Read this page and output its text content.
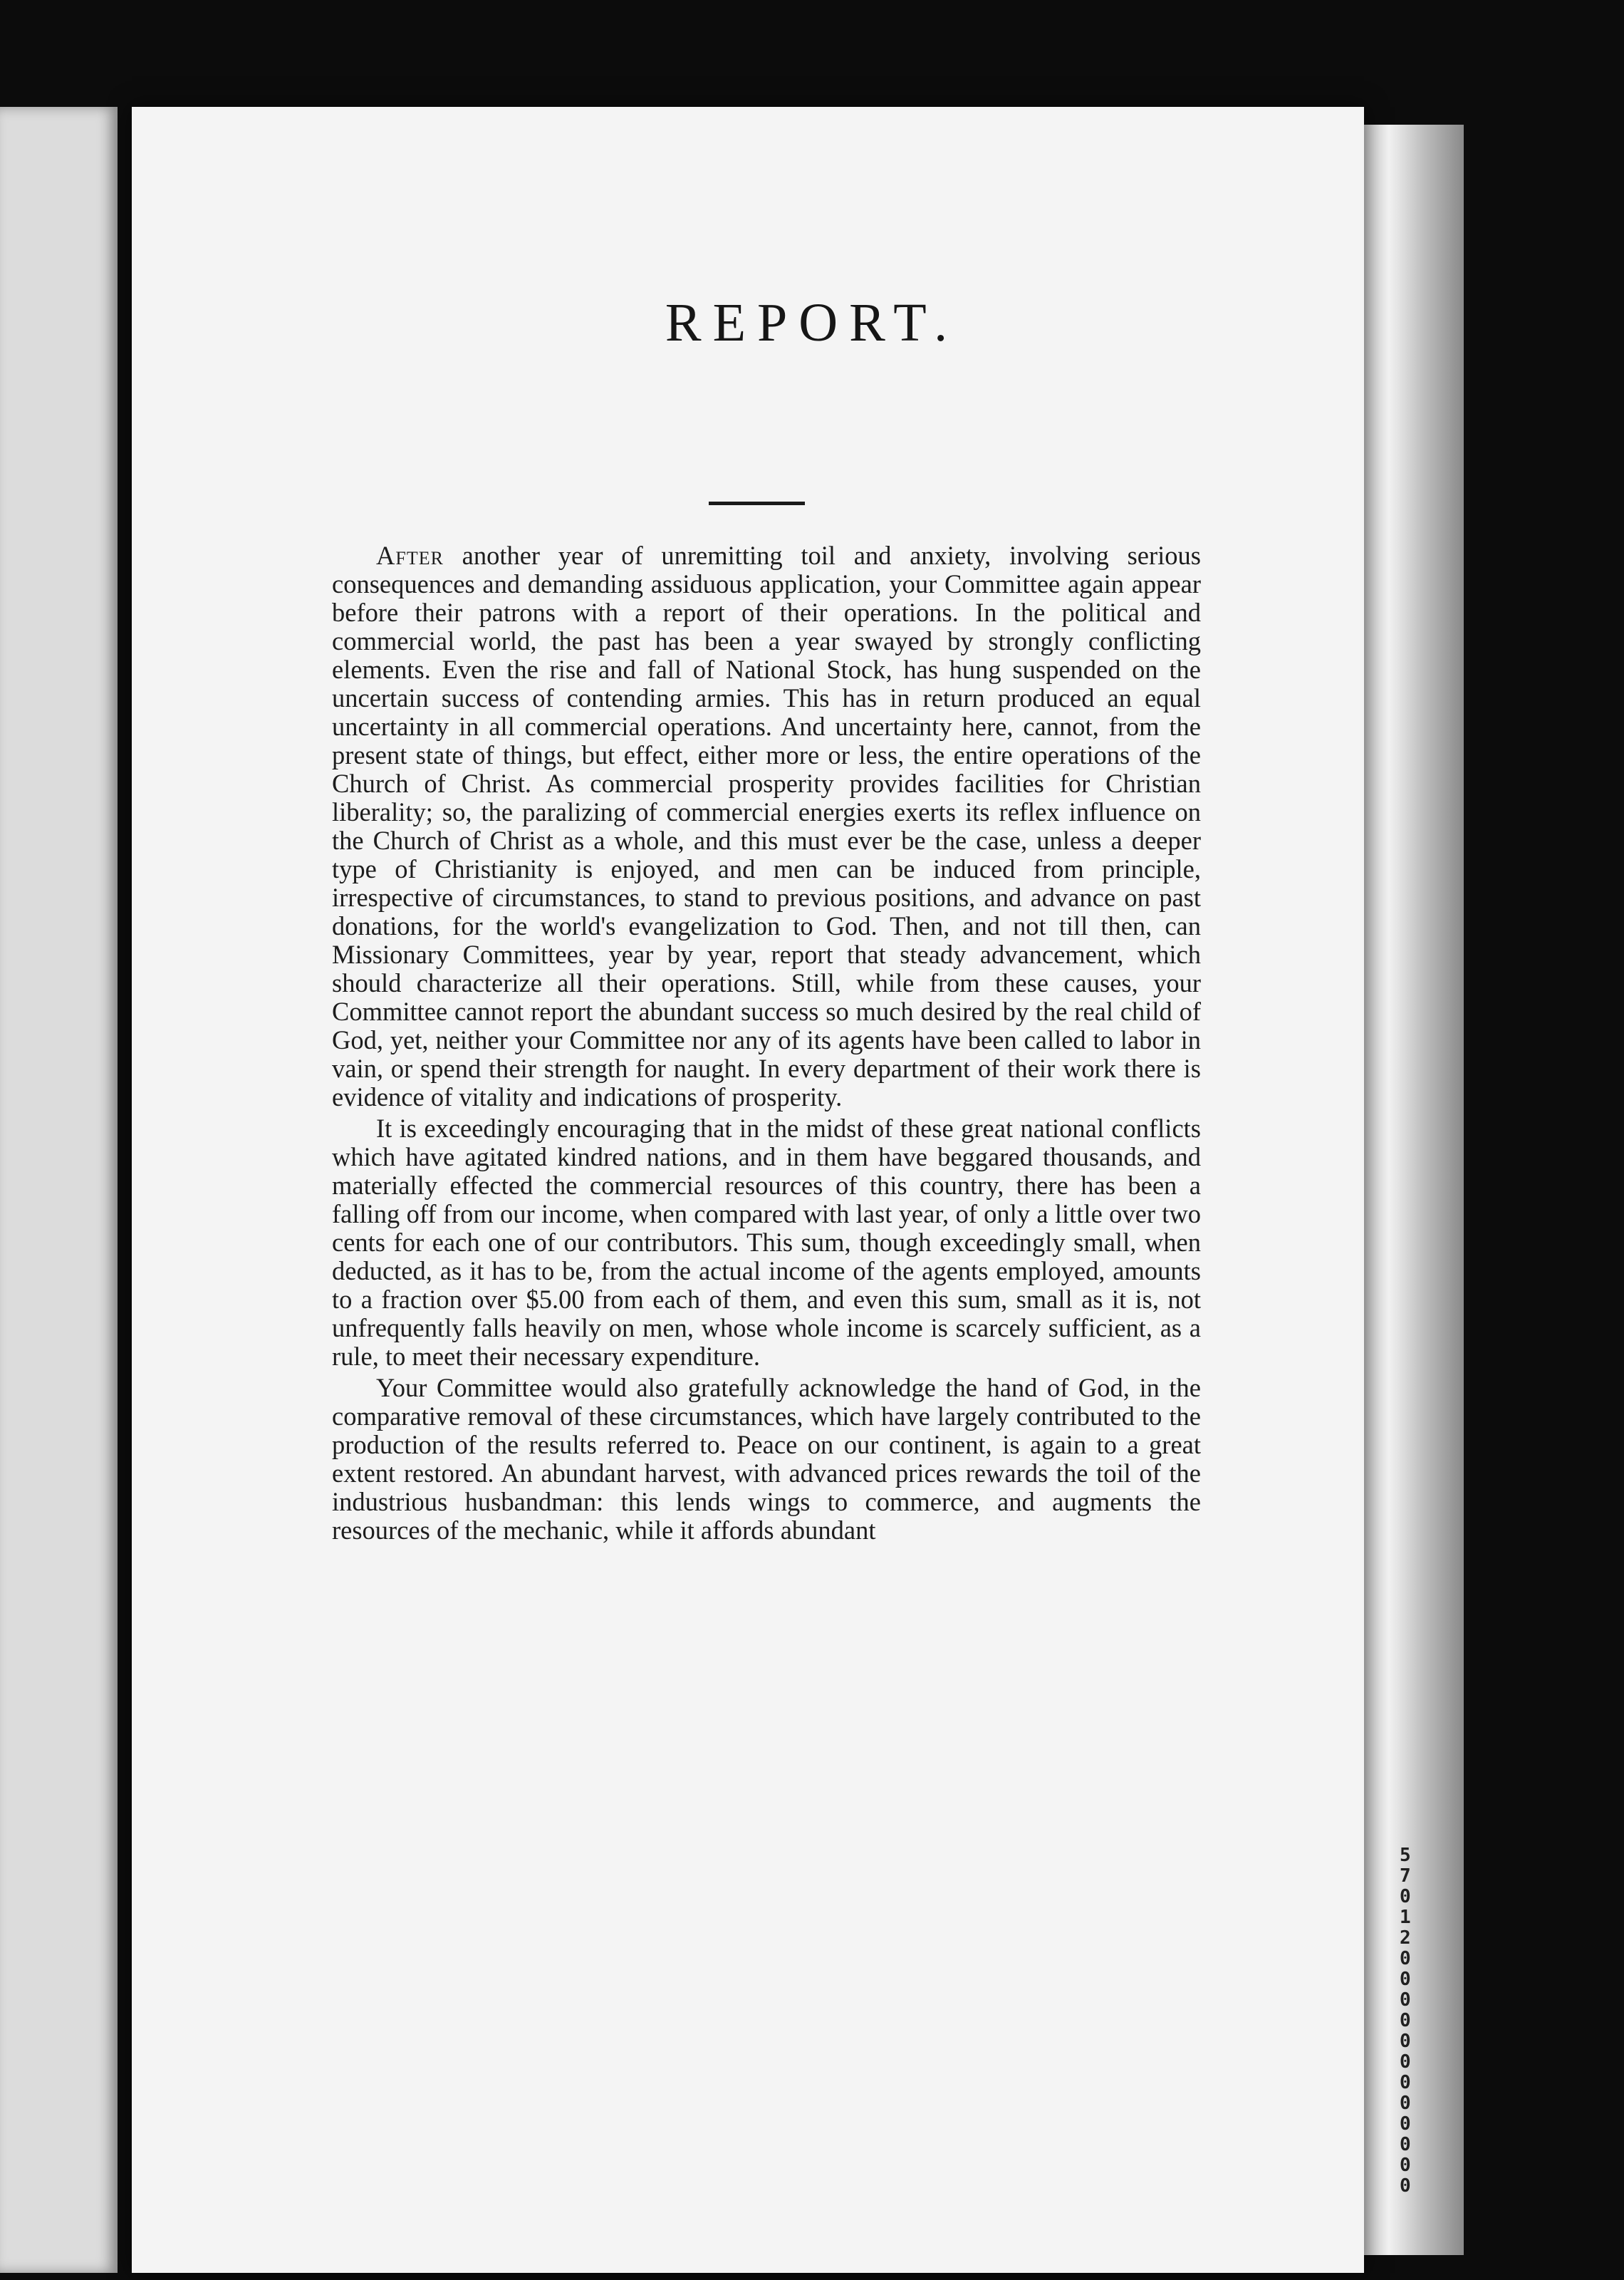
57012000000000000
REPORT.

After another year of unremitting toil and anxiety, involving serious consequences and demanding assiduous application, your Committee again appear before their patrons with a report of their operations. In the political and commercial world, the past has been a year swayed by strongly conflicting elements. Even the rise and fall of National Stock, has hung suspended on the uncertain success of contending armies. This has in return produced an equal uncertainty in all commercial operations. And uncertainty here, cannot, from the present state of things, but effect, either more or less, the entire operations of the Church of Christ. As commercial prosperity provides facilities for Christian liberality; so, the paralizing of commercial energies exerts its reflex influence on the Church of Christ as a whole, and this must ever be the case, unless a deeper type of Christianity is enjoyed, and men can be induced from principle, irrespective of circumstances, to stand to previous positions, and advance on past donations, for the world's evangelization to God. Then, and not till then, can Missionary Committees, year by year, report that steady advancement, which should characterize all their operations. Still, while from these causes, your Committee cannot report the abundant success so much desired by the real child of God, yet, neither your Committee nor any of its agents have been called to labor in vain, or spend their strength for naught. In every department of their work there is evidence of vitality and indications of prosperity.

It is exceedingly encouraging that in the midst of these great national conflicts which have agitated kindred nations, and in them have beggared thousands, and materially effected the commercial resources of this country, there has been a falling off from our income, when compared with last year, of only a little over two cents for each one of our contributors. This sum, though exceedingly small, when deducted, as it has to be, from the actual income of the agents employed, amounts to a fraction over $5.00 from each of them, and even this sum, small as it is, not unfrequently falls heavily on men, whose whole income is scarcely sufficient, as a rule, to meet their necessary expenditure.

Your Committee would also gratefully acknowledge the hand of God, in the comparative removal of these circumstances, which have largely contributed to the production of the results referred to. Peace on our continent, is again to a great extent restored. An abundant harvest, with advanced prices rewards the toil of the industrious husbandman: this lends wings to commerce, and augments the resources of the mechanic, while it affords abundant
